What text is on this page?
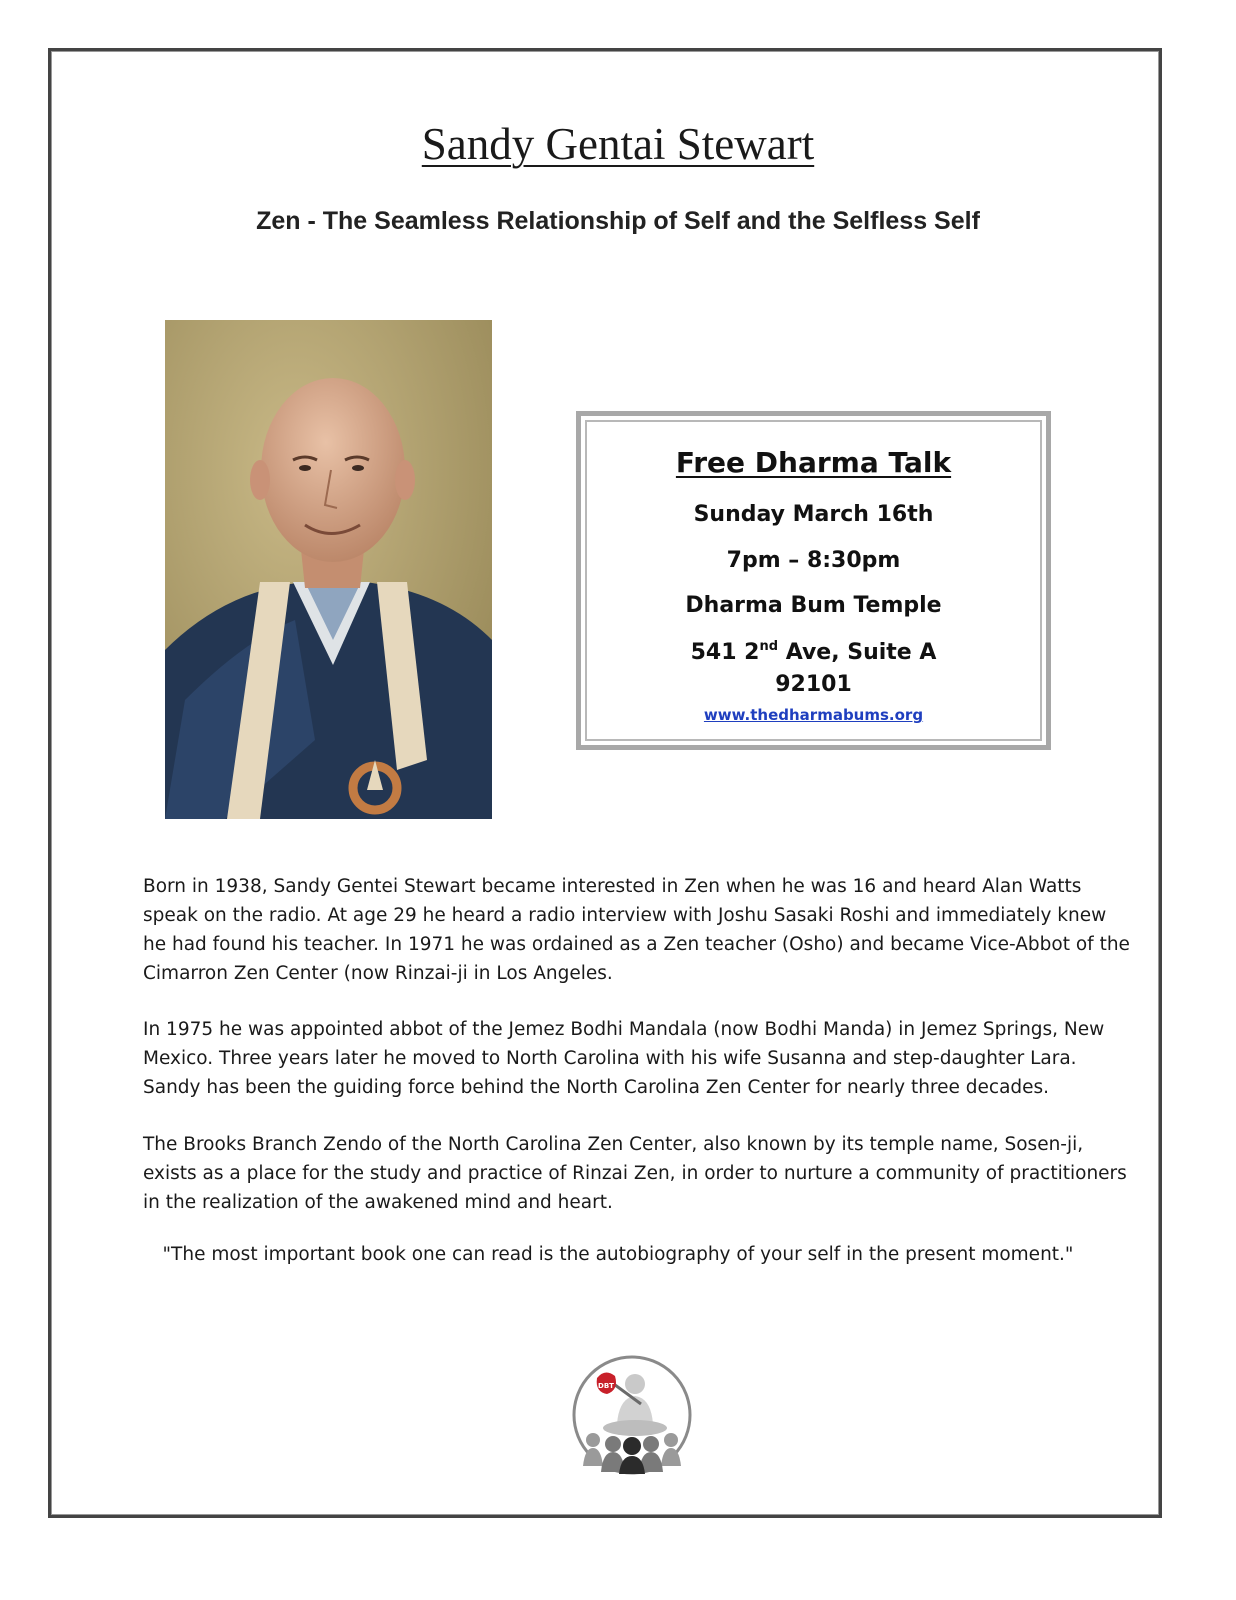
Sandy Gentai Stewart
Zen - The Seamless Relationship of Self and the Selfless Self
Free Dharma Talk
Sunday March 16th
7pm – 8:30pm
Dharma Bum Temple
541 2nd Ave, Suite A
92101
www.thedharmabums.org

Born in 1938, Sandy Gentei Stewart became interested in Zen when he was 16 and heard Alan Watts speak on the radio. At age 29 he heard a radio interview with Joshu Sasaki Roshi and immediately knew he had found his teacher. In 1971 he was ordained as a Zen teacher (Osho) and became Vice-Abbot of the Cimarron Zen Center (now Rinzai-ji in Los Angeles.

In 1975 he was appointed abbot of the Jemez Bodhi Mandala (now Bodhi Manda) in Jemez Springs, New Mexico. Three years later he moved to North Carolina with his wife Susanna and step-daughter Lara. Sandy has been the guiding force behind the North Carolina Zen Center for nearly three decades.

The Brooks Branch Zendo of the North Carolina Zen Center, also known by its temple name, Sosen-ji, exists as a place for the study and practice of Rinzai Zen, in order to nurture a community of practitioners in the realization of the awakened mind and heart.

"The most important book one can read is the autobiography of your self in the present moment."
DBT
